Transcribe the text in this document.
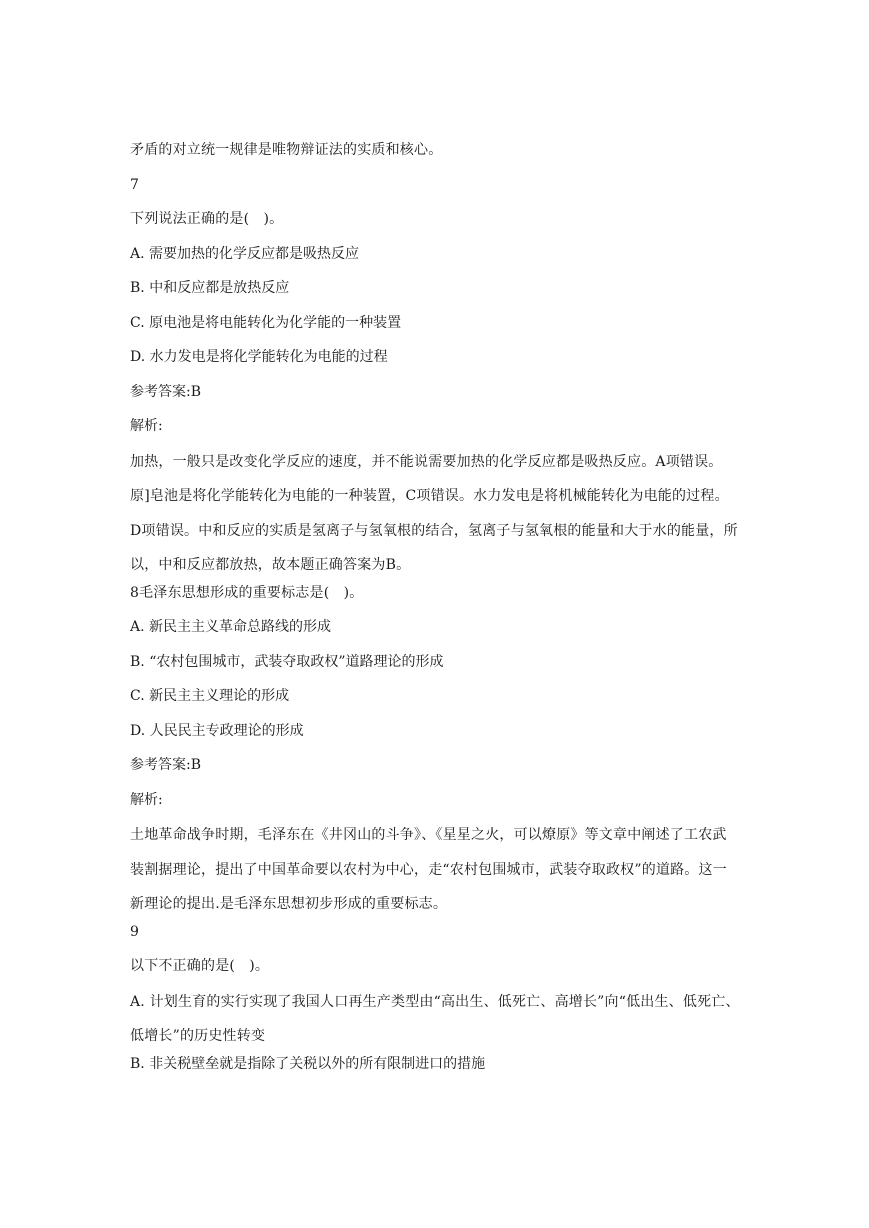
矛盾的对立统一规律是唯物辩证法的实质和核心。

7

下列说法正确的是(　)。

A. 需要加热的化学反应都是吸热反应

B. 中和反应都是放热反应

C. 原电池是将电能转化为化学能的一种装置

D. 水力发电是将化学能转化为电能的过程

参考答案:B

解析:

加热，一般只是改变化学反应的速度，并不能说需要加热的化学反应都是吸热反应。A项错误。原]皂池是将化学能转化为电能的一种装置，C项错误。水力发电是将机械能转化为电能的过程。D项错误。中和反应的实质是氢离子与氢氧根的结合，氢离子与氢氧根的能量和大于水的能量，所以，中和反应都放热，故本题正确答案为B。

8毛泽东思想形成的重要标志是(　)。

A. 新民主主义革命总路线的形成

B. “农村包围城市，武装夺取政权”道路理论的形成

C. 新民主主义理论的形成

D. 人民民主专政理论的形成

参考答案:B

解析:

土地革命战争时期，毛泽东在《井冈山的斗争》、《星星之火，可以燎原》等文章中阐述了工农武装割据理论，提出了中国革命要以农村为中心，走“农村包围城市，武装夺取政权”的道路。这一新理论的提出.是毛泽东思想初步形成的重要标志。

9

以下不正确的是(　)。

A. 计划生育的实行实现了我国人口再生产类型由“高出生、低死亡、高增长”向“低出生、低死亡、低增长”的历史性转变

B. 非关税壁垒就是指除了关税以外的所有限制进口的措施
